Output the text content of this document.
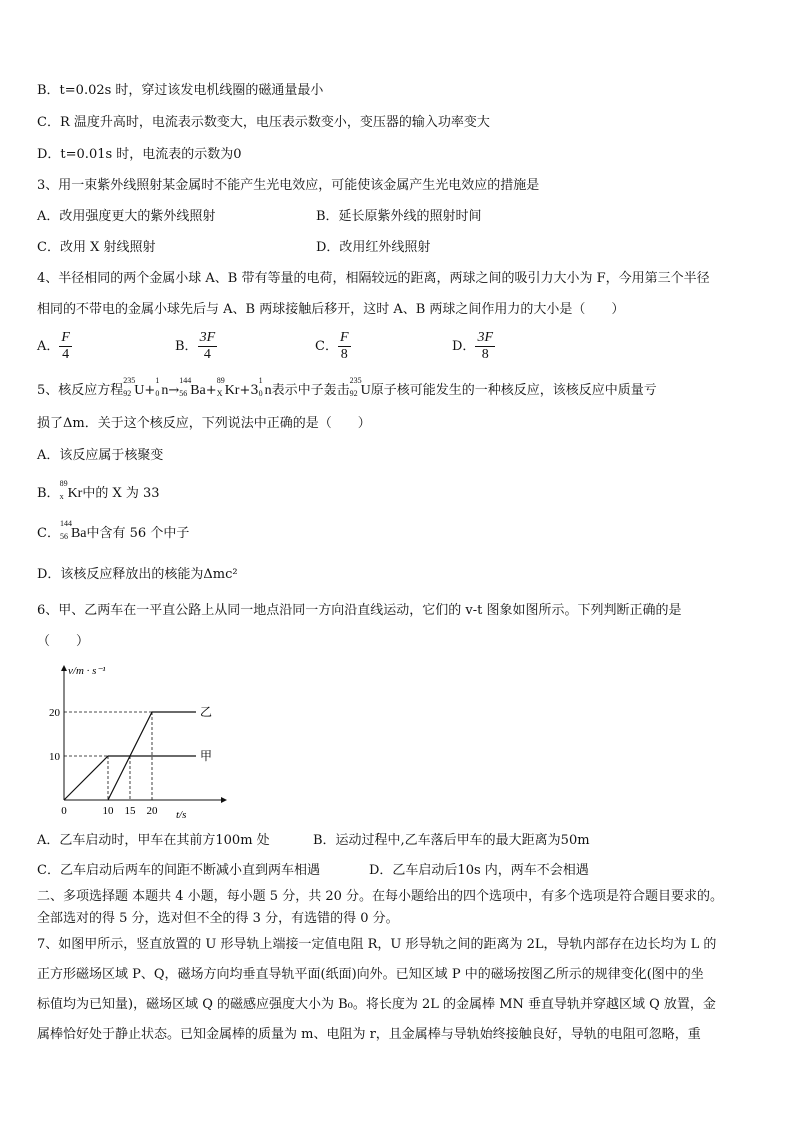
B．t=0.02s 时，穿过该发电机线圈的磁通量最小
C．R 温度升高时，电流表示数变大，电压表示数变小，变压器的输入功率变大
D．t=0.01s 时，电流表的示数为0
3、用一束紫外线照射某金属时不能产生光电效应，可能使该金属产生光电效应的措施是
A．改用强度更大的紫外线照射	B．延长原紫外线的照射时间
C．改用 X 射线照射	D．改用红外线照射
4、半径相同的两个金属小球 A、B 带有等量的电荷，相隔较远的距离，两球之间的吸引力大小为 F，今用第三个半径
相同的不带电的金属小球先后与 A、B 两球接触后移开，这时 A、B 两球之间作用力的大小是（　　）
A． $\frac{F}{4}$	B． $\frac{3F}{4}$	C． $\frac{F}{8}$	D． $\frac{3F}{8}$
5、核反应方程
235
92 U+
1
0 n→
144
56 Ba+
89
X Kr+3
1
0 n表示中子轰击
235
92 U原子核可能发生的一种核反应，该核反应中质量亏
损了Δm．关于这个核反应，下列说法中正确的是（　　）
A．该反应属于核聚变
B．
89
x Kr中的 X 为 33
C．
144
56 Ba中含有 56 个中子
D．该核反应释放出的核能为Δmc²
6、甲、乙两车在一平直公路上从同一地点沿同一方向沿直线运动，它们的 v-t 图象如图所示。下列判断正确的是
（　　）
10
20
0	10 15 20
甲
乙
v/m · s⁻¹
t/s
A．乙车启动时，甲车在其前方100m 处	B．运动过程中,乙车落后甲车的最大距离为50m
C．乙车启动后两车的间距不断减小直到两车相遇	D．乙车启动后10s 内，两车不会相遇
二、多项选择题 本题共 4 小题，每小题 5 分，共 20 分。在每小题给出的四个选项中，有多个选项是符合题目要求的。
全部选对的得 5 分，选对但不全的得 3 分，有选错的得 0 分。
7、如图甲所示，竖直放置的 U 形导轨上端接一定值电阻 R，U 形导轨之间的距离为 2L，导轨内部存在边长均为 L 的
正方形磁场区域 P、Q，磁场方向均垂直导轨平面(纸面)向外。已知区域 P 中的磁场按图乙所示的规律变化(图中的坐
标值均为已知量)，磁场区域 Q 的磁感应强度大小为 B₀。将长度为 2L 的金属棒 MN 垂直导轨并穿越区域 Q 放置，金
属棒恰好处于静止状态。已知金属棒的质量为 m、电阻为 r，且金属棒与导轨始终接触良好，导轨的电阻可忽略，重
